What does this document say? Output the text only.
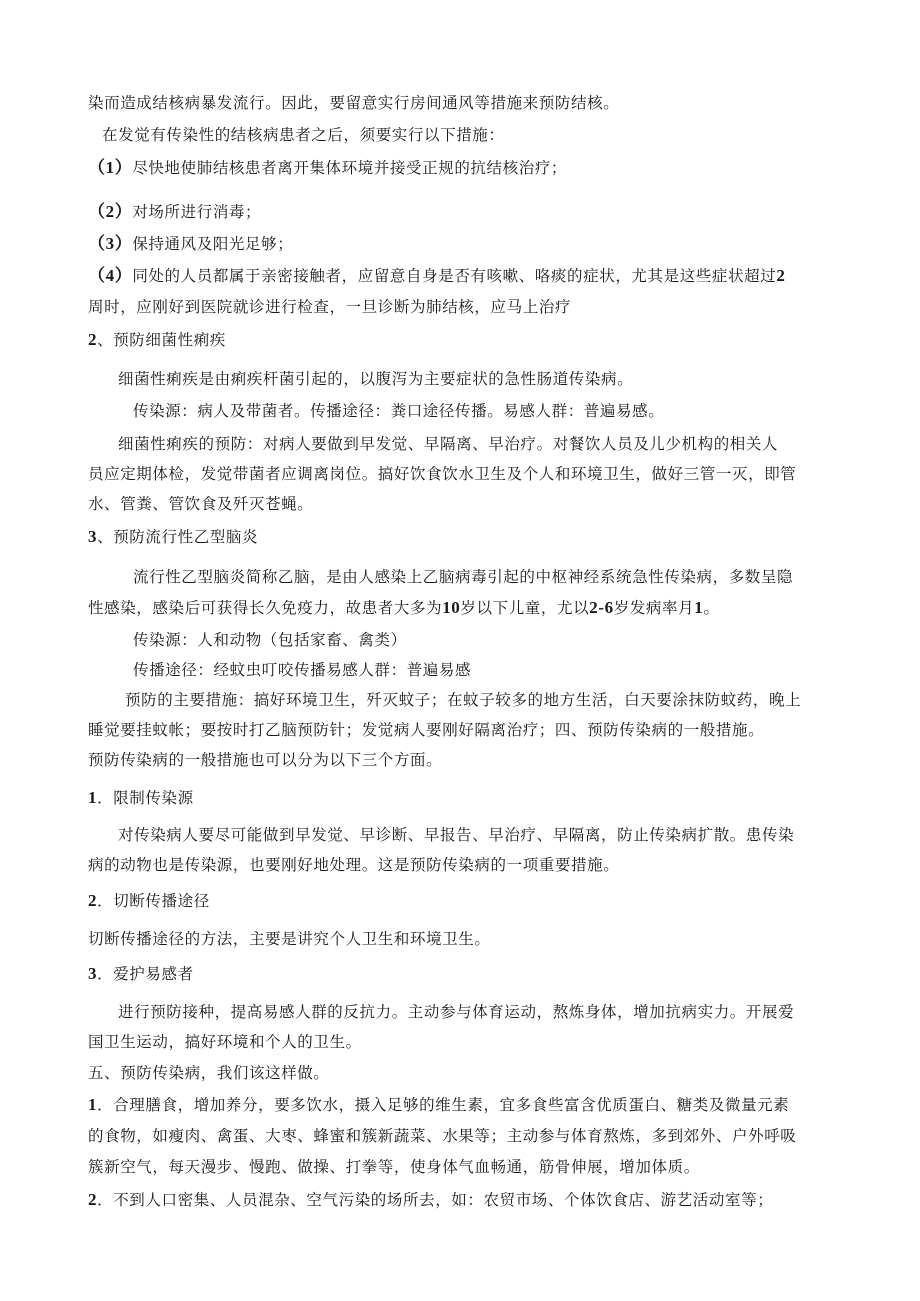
染而造成结核病暴发流行。因此，要留意实行房间通风等措施来预防结核。
在发觉有传染性的结核病患者之后，须要实行以下措施：
（1）尽快地使肺结核患者离开集体环境并接受正规的抗结核治疗；
（2）对场所进行消毒；
（3）保持通风及阳光足够；
（4）同处的人员都属于亲密接触者，应留意自身是否有咳嗽、咯痰的症状，尤其是这些症状超过2
周时，应刚好到医院就诊进行检查，一旦诊断为肺结核，应马上治疗
2、预防细菌性痢疾
细菌性痢疾是由痢疾杆菌引起的，以腹泻为主要症状的急性肠道传染病。
传染源：病人及带菌者。传播途径：粪口途径传播。易感人群：普遍易感。
细菌性痢疾的预防：对病人要做到早发觉、早隔离、早治疗。对餐饮人员及儿少机构的相关人
员应定期体检，发觉带菌者应调离岗位。搞好饮食饮水卫生及个人和环境卫生，做好三管一灭，即管
水、管粪、管饮食及歼灭苍蝇。
3、预防流行性乙型脑炎
流行性乙型脑炎简称乙脑，是由人感染上乙脑病毒引起的中枢神经系统急性传染病，多数呈隐
性感染，感染后可获得长久免疫力，故患者大多为10岁以下儿童，尤以2-6岁发病率月1。
传染源：人和动物（包括家畜、禽类）
传播途径：经蚊虫叮咬传播易感人群：普遍易感
预防的主要措施：搞好环境卫生，歼灭蚊子；在蚊子较多的地方生活，白天要涂抹防蚊药，晚上
睡觉要挂蚊帐；要按时打乙脑预防针；发觉病人要刚好隔离治疗；四、预防传染病的一般措施。
预防传染病的一般措施也可以分为以下三个方面。
1．限制传染源
对传染病人要尽可能做到早发觉、早诊断、早报告、早治疗、早隔离，防止传染病扩散。患传染
病的动物也是传染源，也要刚好地处理。这是预防传染病的一项重要措施。
2．切断传播途径
切断传播途径的方法，主要是讲究个人卫生和环境卫生。
3．爱护易感者
进行预防接种，提高易感人群的反抗力。主动参与体育运动，熬炼身体，增加抗病实力。开展爱
国卫生运动，搞好环境和个人的卫生。
五、预防传染病，我们该这样做。
1．合理膳食，增加养分，要多饮水，摄入足够的维生素，宜多食些富含优质蛋白、糖类及微量元素
的食物，如瘦肉、禽蛋、大枣、蜂蜜和簇新蔬菜、水果等；主动参与体育熬炼，多到郊外、户外呼吸
簇新空气，每天漫步、慢跑、做操、打拳等，使身体气血畅通，筋骨伸展，增加体质。
2．不到人口密集、人员混杂、空气污染的场所去，如：农贸市场、个体饮食店、游艺活动室等；
